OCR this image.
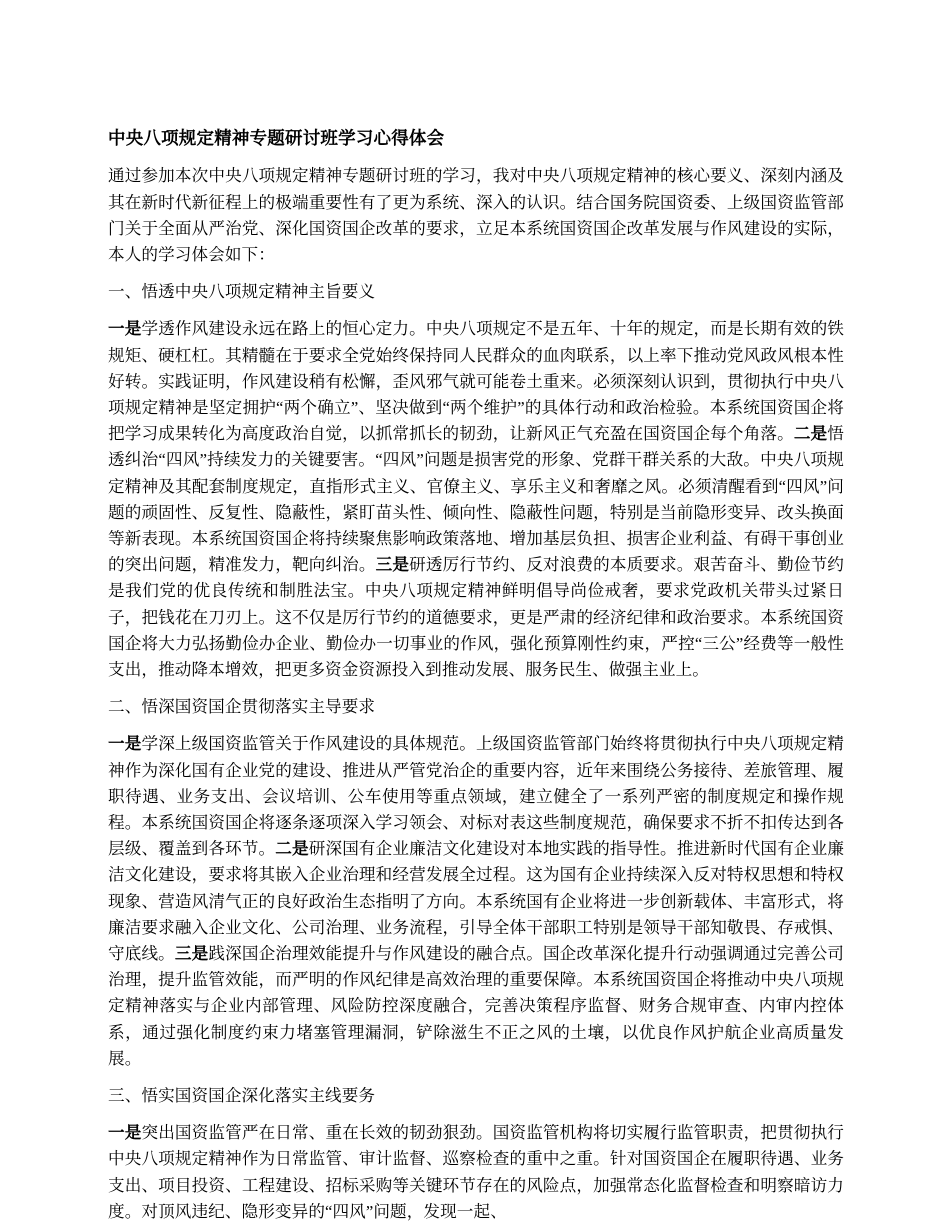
中央八项规定精神专题研讨班学习心得体会

通过参加本次中央八项规定精神专题研讨班的学习，我对中央八项规定精神的核心要义、深刻内涵及其在新时代新征程上的极端重要性有了更为系统、深入的认识。结合国务院国资委、上级国资监管部门关于全面从严治党、深化国资国企改革的要求，立足本系统国资国企改革发展与作风建设的实际，本人的学习体会如下：

一、悟透中央八项规定精神主旨要义

一是学透作风建设永远在路上的恒心定力。中央八项规定不是五年、十年的规定，而是长期有效的铁规矩、硬杠杠。其精髓在于要求全党始终保持同人民群众的血肉联系，以上率下推动党风政风根本性好转。实践证明，作风建设稍有松懈，歪风邪气就可能卷土重来。必须深刻认识到，贯彻执行中央八项规定精神是坚定拥护“两个确立”、坚决做到“两个维护”的具体行动和政治检验。本系统国资国企将把学习成果转化为高度政治自觉，以抓常抓长的韧劲，让新风正气充盈在国资国企每个角落。二是悟透纠治“四风”持续发力的关键要害。“四风”问题是损害党的形象、党群干群关系的大敌。中央八项规定精神及其配套制度规定，直指形式主义、官僚主义、享乐主义和奢靡之风。必须清醒看到“四风”问题的顽固性、反复性、隐蔽性，紧盯苗头性、倾向性、隐蔽性问题，特别是当前隐形变异、改头换面等新表现。本系统国资国企将持续聚焦影响政策落地、增加基层负担、损害企业利益、有碍干事创业的突出问题，精准发力，靶向纠治。三是研透厉行节约、反对浪费的本质要求。艰苦奋斗、勤俭节约是我们党的优良传统和制胜法宝。中央八项规定精神鲜明倡导尚俭戒奢，要求党政机关带头过紧日子，把钱花在刀刃上。这不仅是厉行节约的道德要求，更是严肃的经济纪律和政治要求。本系统国资国企将大力弘扬勤俭办企业、勤俭办一切事业的作风，强化预算刚性约束，严控“三公”经费等一般性支出，推动降本增效，把更多资金资源投入到推动发展、服务民生、做强主业上。

二、悟深国资国企贯彻落实主导要求

一是学深上级国资监管关于作风建设的具体规范。上级国资监管部门始终将贯彻执行中央八项规定精神作为深化国有企业党的建设、推进从严管党治企的重要内容，近年来围绕公务接待、差旅管理、履职待遇、业务支出、会议培训、公车使用等重点领域，建立健全了一系列严密的制度规定和操作规程。本系统国资国企将逐条逐项深入学习领会、对标对表这些制度规范，确保要求不折不扣传达到各层级、覆盖到各环节。二是研深国有企业廉洁文化建设对本地实践的指导性。推进新时代国有企业廉洁文化建设，要求将其嵌入企业治理和经营发展全过程。这为国有企业持续深入反对特权思想和特权现象、营造风清气正的良好政治生态指明了方向。本系统国有企业将进一步创新载体、丰富形式，将廉洁要求融入企业文化、公司治理、业务流程，引导全体干部职工特别是领导干部知敬畏、存戒惧、守底线。三是践深国企治理效能提升与作风建设的融合点。国企改革深化提升行动强调通过完善公司治理，提升监管效能，而严明的作风纪律是高效治理的重要保障。本系统国资国企将推动中央八项规定精神落实与企业内部管理、风险防控深度融合，完善决策程序监督、财务合规审查、内审内控体系，通过强化制度约束力堵塞管理漏洞，铲除滋生不正之风的土壤，以优良作风护航企业高质量发展。

三、悟实国资国企深化落实主线要务

一是突出国资监管严在日常、重在长效的韧劲狠劲。国资监管机构将切实履行监管职责，把贯彻执行中央八项规定精神作为日常监管、审计监督、巡察检查的重中之重。针对国资国企在履职待遇、业务支出、项目投资、工程建设、招标采购等关键环节存在的风险点，加强常态化监督检查和明察暗访力度。对顶风违纪、隐形变异的“四风”问题，发现一起、
